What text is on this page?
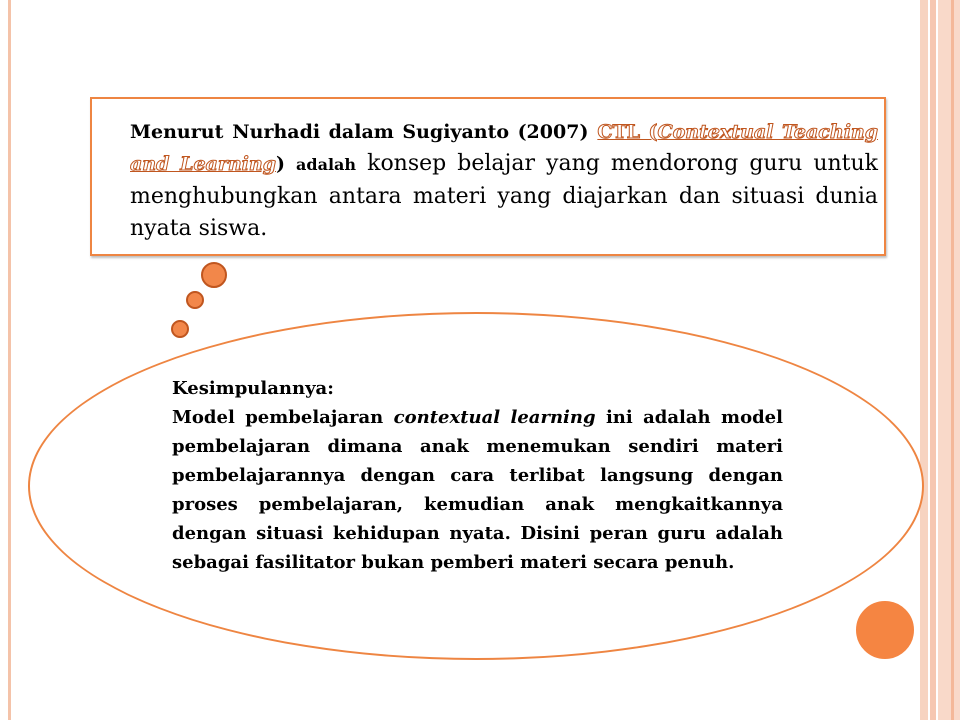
Menurut Nurhadi dalam Sugiyanto (2007) CTL (Contextual Teaching and Learning) adalah konsep belajar yang mendorong guru untuk menghubungkan antara materi yang diajarkan dan situasi dunia nyata siswa.
Kesimpulannya:
Model pembelajaran contextual learning ini adalah model pembelajaran dimana anak menemukan sendiri materi pembelajarannya dengan cara terlibat langsung dengan proses pembelajaran, kemudian anak mengkaitkannya dengan situasi kehidupan nyata. Disini peran guru adalah sebagai fasilitator bukan pemberi materi secara penuh.
